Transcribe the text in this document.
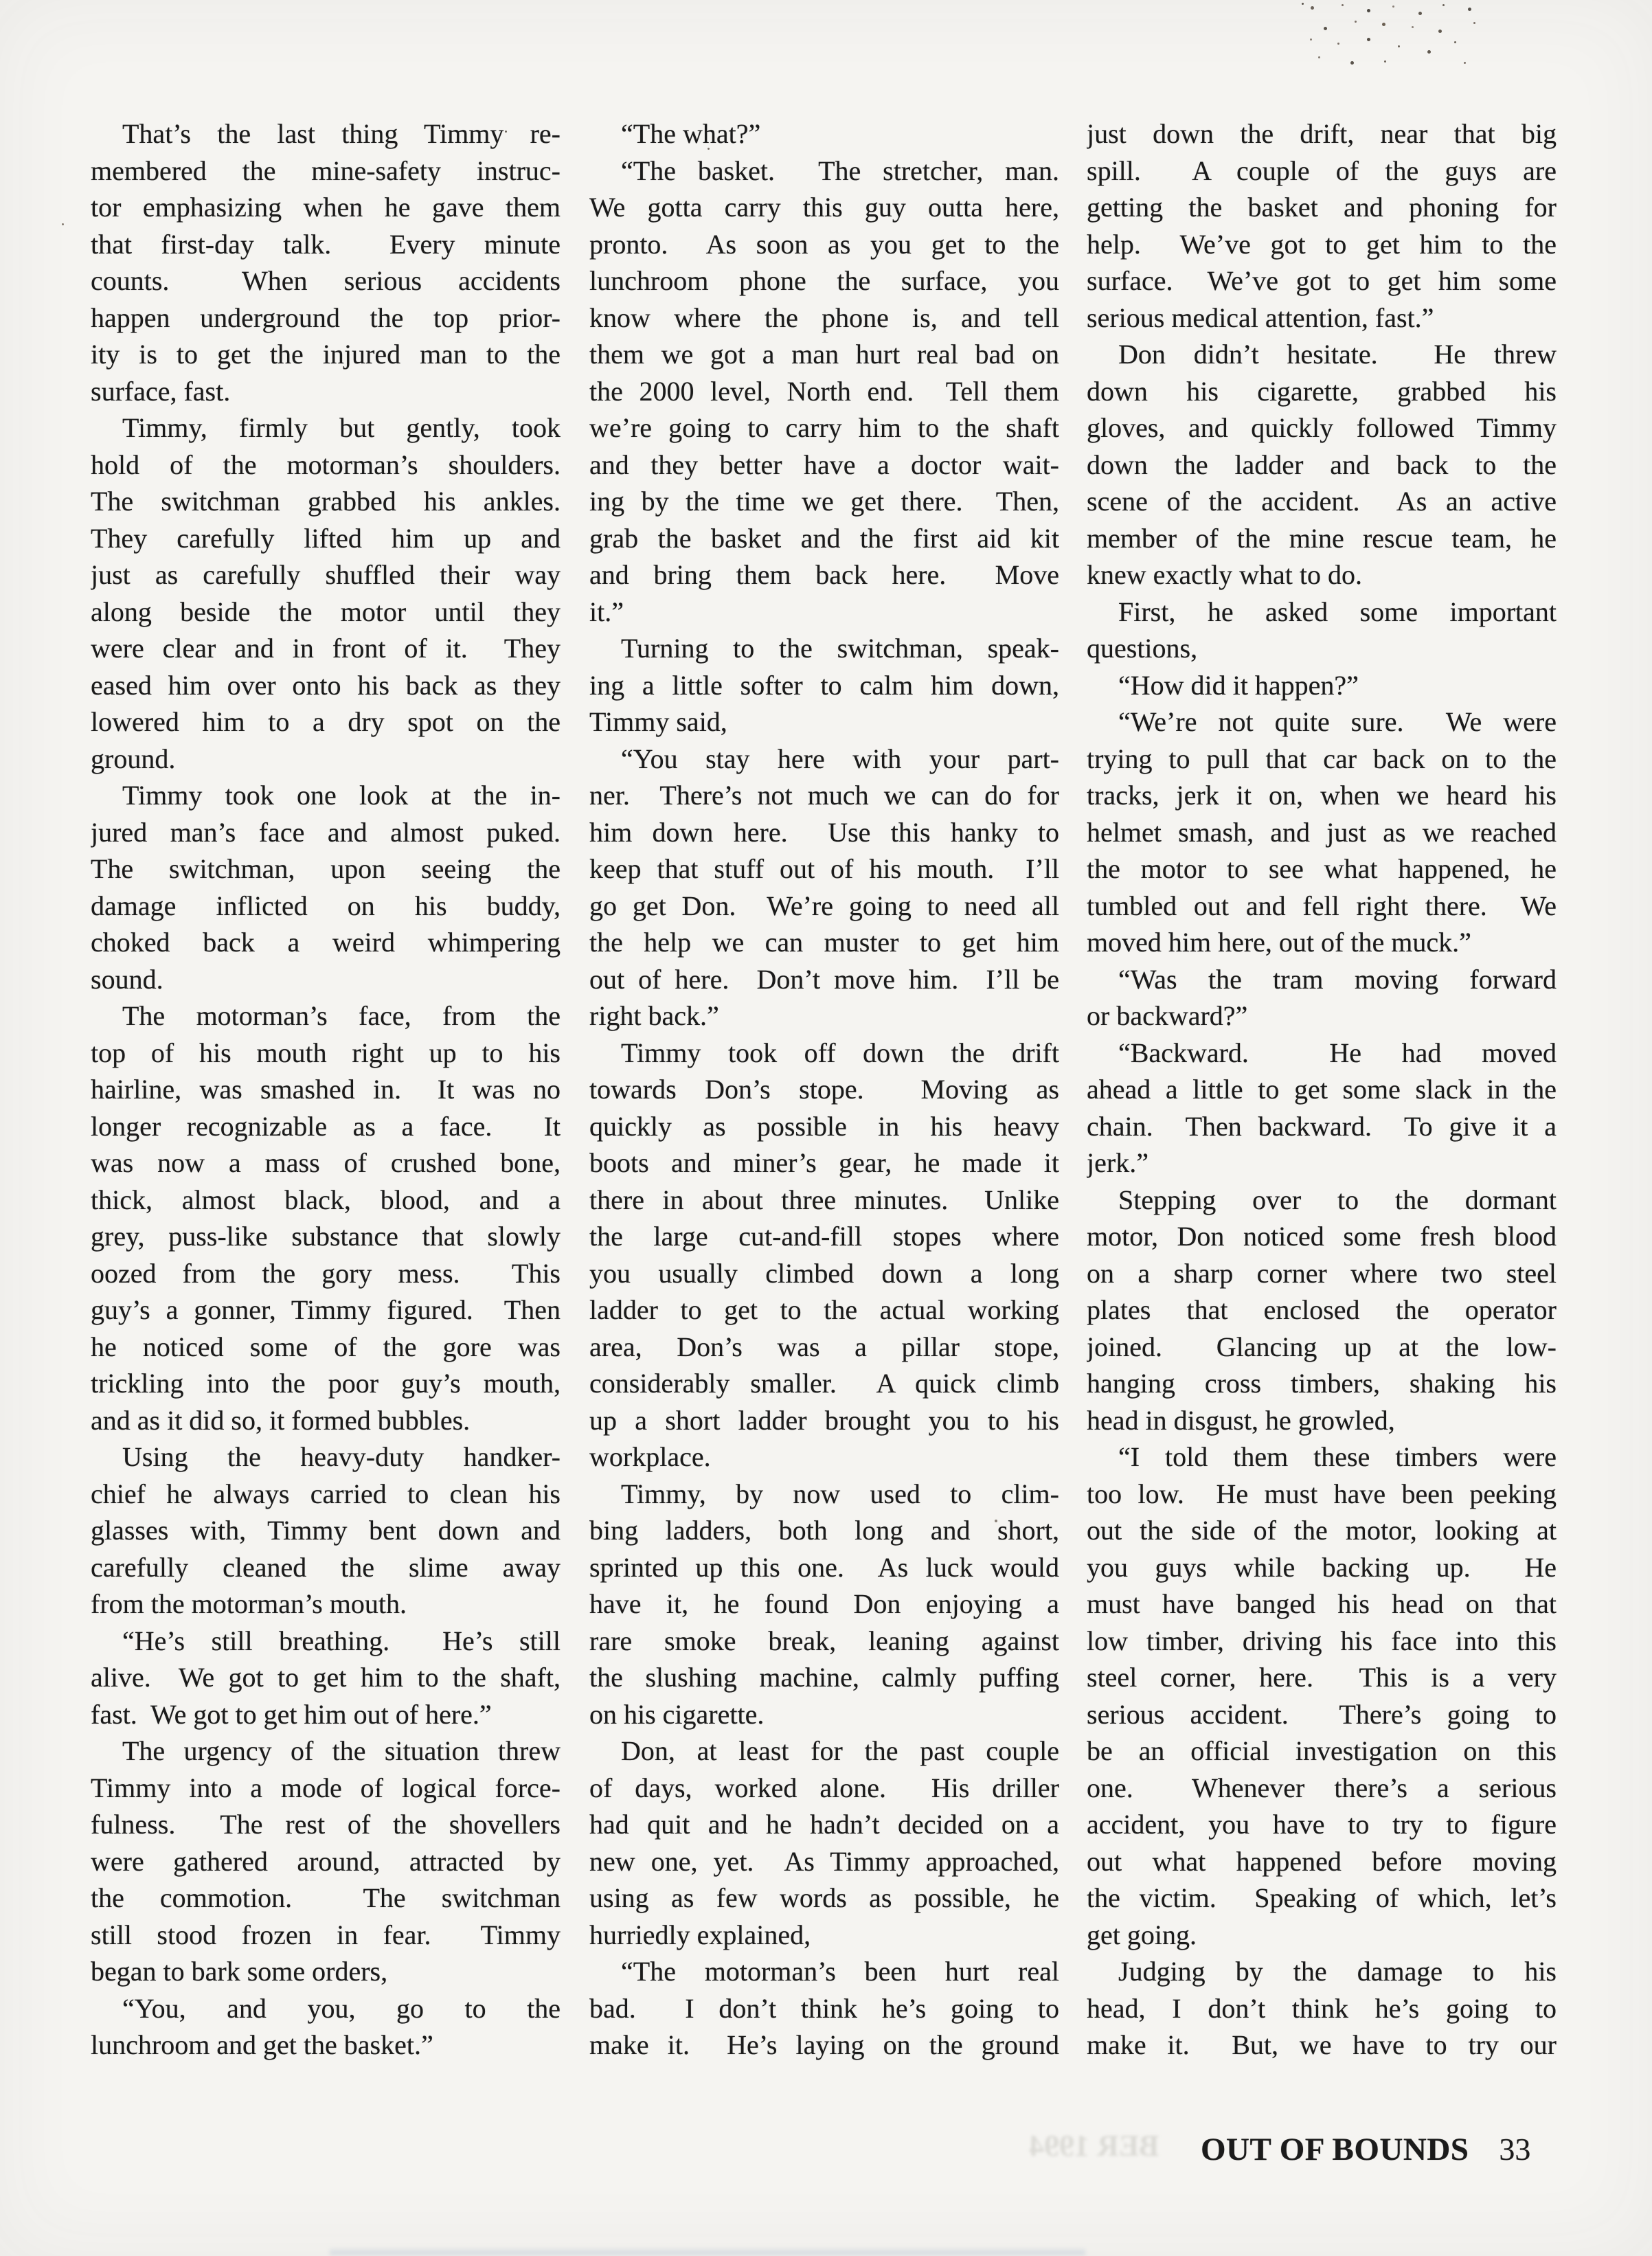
That’s the last thing Timmy re-
membered the mine-safety instruc-
tor emphasizing when he gave them
that first-day talk.  Every minute
counts.  When serious accidents
happen underground the top prior-
ity is to get the injured man to the
surface, fast.
Timmy, firmly but gently, took
hold of the motorman’s shoulders.
The switchman grabbed his ankles.
They carefully lifted him up and
just as carefully shuffled their way
along beside the motor until they
were clear and in front of it.  They
eased him over onto his back as they
lowered him to a dry spot on the
ground.
Timmy took one look at the in-
jured man’s face and almost puked.
The switchman, upon seeing the
damage inflicted on his buddy,
choked back a weird whimpering
sound.
The motorman’s face, from the
top of his mouth right up to his
hairline, was smashed in.  It was no
longer recognizable as a face.  It
was now a mass of crushed bone,
thick, almost black, blood, and a
grey, puss-like substance that slowly
oozed from the gory mess.  This
guy’s a gonner, Timmy figured.  Then
he noticed some of the gore was
trickling into the poor guy’s mouth,
and as it did so, it formed bubbles.
Using the heavy-duty handker-
chief he always carried to clean his
glasses with, Timmy bent down and
carefully cleaned the slime away
from the motorman’s mouth.
“He’s still breathing.  He’s still
alive.  We got to get him to the shaft,
fast.  We got to get him out of here.”
The urgency of the situation threw
Timmy into a mode of logical force-
fulness.  The rest of the shovellers
were gathered around, attracted by
the commotion.  The switchman
still stood frozen in fear.  Timmy
began to bark some orders,
“You, and you, go to the
lunchroom and get the basket.”
“The what?”
“The basket.  The stretcher, man.
We gotta carry this guy outta here,
pronto.  As soon as you get to the
lunchroom phone the surface, you
know where the phone is, and tell
them we got a man hurt real bad on
the 2000 level, North end.  Tell them
we’re going to carry him to the shaft
and they better have a doctor wait-
ing by the time we get there.  Then,
grab the basket and the first aid kit
and bring them back here.  Move
it.”
Turning to the switchman, speak-
ing a little softer to calm him down,
Timmy said,
“You stay here with your part-
ner.  There’s not much we can do for
him down here.  Use this hanky to
keep that stuff out of his mouth.  I’ll
go get Don.  We’re going to need all
the help we can muster to get him
out of here.  Don’t move him.  I’ll be
right back.”
Timmy took off down the drift
towards Don’s stope.  Moving as
quickly as possible in his heavy
boots and miner’s gear, he made it
there in about three minutes.  Unlike
the large cut-and-fill stopes where
you usually climbed down a long
ladder to get to the actual working
area, Don’s was a pillar stope,
considerably smaller.  A quick climb
up a short ladder brought you to his
workplace.
Timmy, by now used to clim-
bing ladders, both long and short,
sprinted up this one.  As luck would
have it, he found Don enjoying a
rare smoke break, leaning against
the slushing machine, calmly puffing
on his cigarette.
Don, at least for the past couple
of days, worked alone.  His driller
had quit and he hadn’t decided on a
new one, yet.  As Timmy approached,
using as few words as possible, he
hurriedly explained,
“The motorman’s been hurt real
bad.  I don’t think he’s going to
make it.  He’s laying on the ground
just down the drift, near that big
spill.  A couple of the guys are
getting the basket and phoning for
help.  We’ve got to get him to the
surface.  We’ve got to get him some
serious medical attention, fast.”
Don didn’t hesitate.  He threw
down his cigarette, grabbed his
gloves, and quickly followed Timmy
down the ladder and back to the
scene of the accident.  As an active
member of the mine rescue team, he
knew exactly what to do.
First, he asked some important
questions,
“How did it happen?”
“We’re not quite sure.  We were
trying to pull that car back on to the
tracks, jerk it on, when we heard his
helmet smash, and just as we reached
the motor to see what happened, he
tumbled out and fell right there.  We
moved him here, out of the muck.”
“Was the tram moving forward
or backward?”
“Backward.  He had moved
ahead a little to get some slack in the
chain.  Then backward.  To give it a
jerk.”
Stepping over to the dormant
motor, Don noticed some fresh blood
on a sharp corner where two steel
plates that enclosed the operator
joined.  Glancing up at the low-
hanging cross timbers, shaking his
head in disgust, he growled,
“I told them these timbers were
too low.  He must have been peeking
out the side of the motor, looking at
you guys while backing up.  He
must have banged his head on that
low timber, driving his face into this
steel corner, here.  This is a very
serious accident.  There’s going to
be an official investigation on this
one.  Whenever there’s a serious
accident, you have to try to figure
out what happened before moving
the victim.  Speaking of which, let’s
get going.
Judging by the damage to his
head, I don’t think he’s going to
make it.  But, we have to try our
BER 1994 OUT OF BOUNDS 33
